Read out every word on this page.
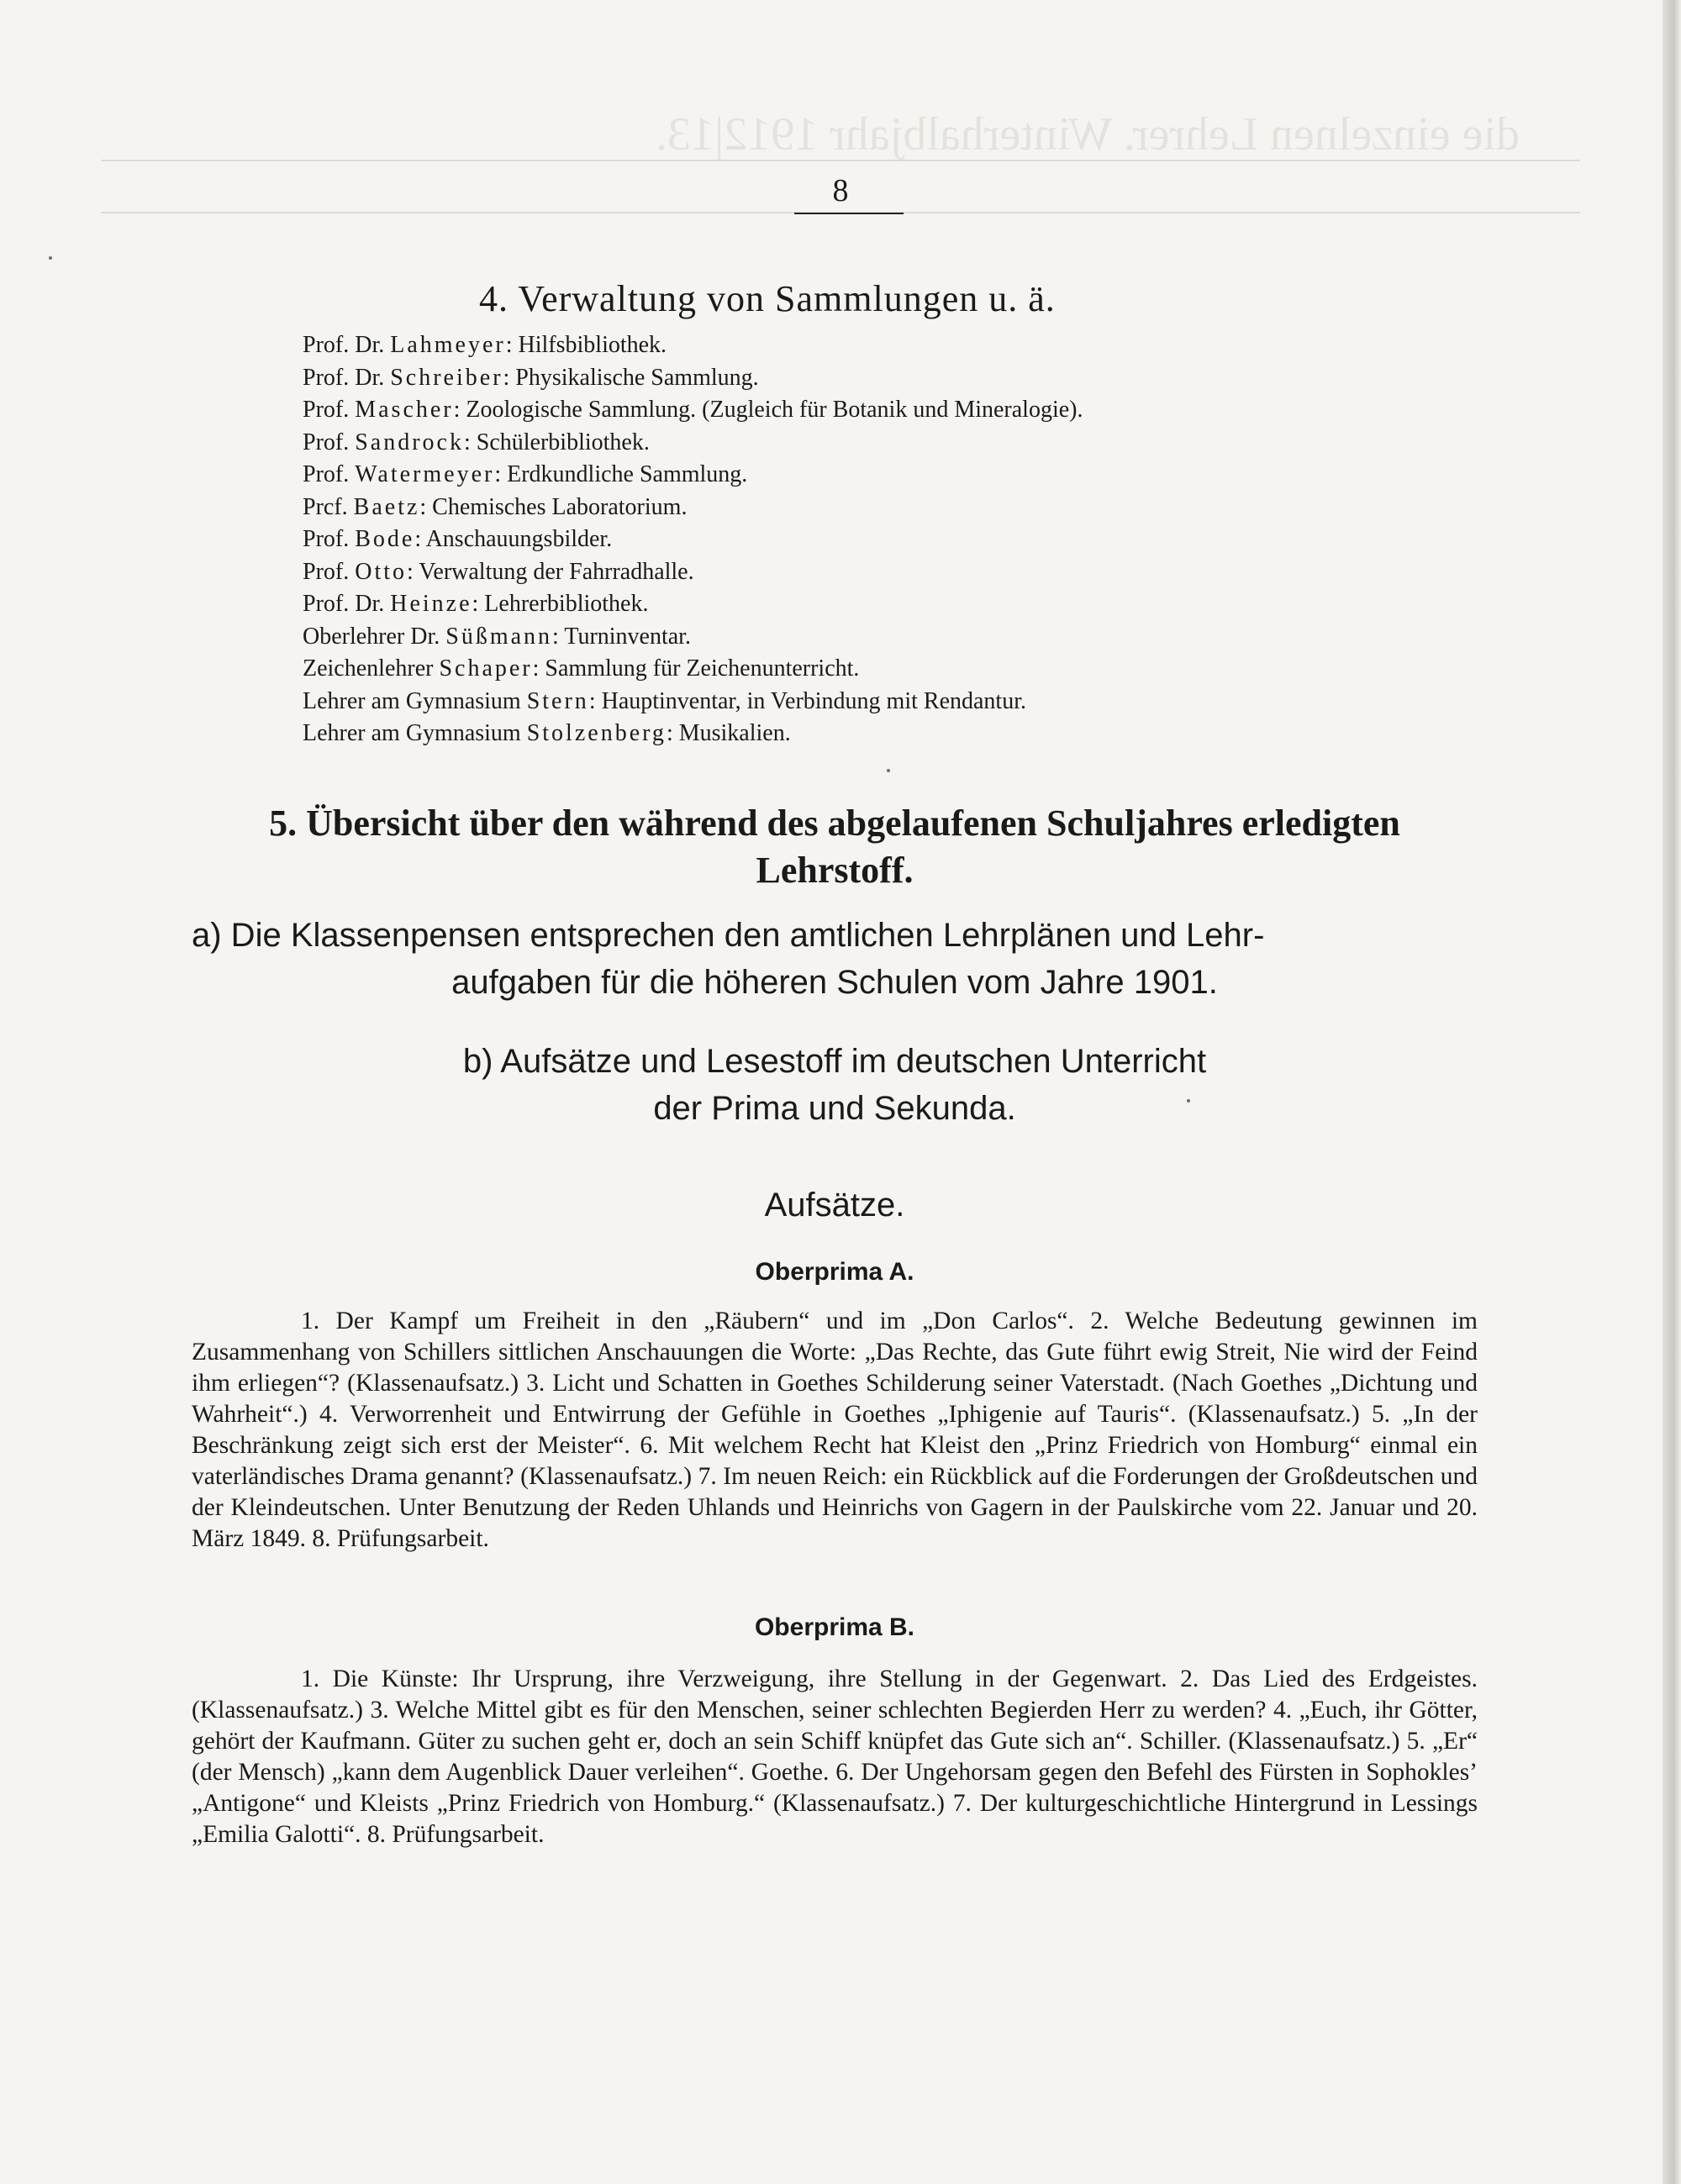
die einzelnen Lehrer. Winterhalbjahr 1912|13.
8
4. Verwaltung von Sammlungen u. ä.
Prof. Dr. Lahmeyer: Hilfsbibliothek.
Prof. Dr. Schreiber: Physikalische Sammlung.
Prof. Mascher: Zoologische Sammlung. (Zugleich für Botanik und Mineralogie).
Prof. Sandrock: Schülerbibliothek.
Prof. Watermeyer: Erdkundliche Sammlung.
Prcf. Baetz: Chemisches Laboratorium.
Prof. Bode: Anschauungsbilder.
Prof. Otto: Verwaltung der Fahrradhalle.
Prof. Dr. Heinze: Lehrerbibliothek.
Oberlehrer Dr. Süßmann: Turninventar.
Zeichenlehrer Schaper: Sammlung für Zeichenunterricht.
Lehrer am Gymnasium Stern: Hauptinventar, in Verbindung mit Rendantur.
Lehrer am Gymnasium Stolzenberg: Musikalien.
5. Übersicht über den während des abgelaufenen Schuljahres erledigten
Lehrstoff.
a) Die Klassenpensen entsprechen den amtlichen Lehrplänen und Lehr-
aufgaben für die höheren Schulen vom Jahre 1901.
b) Aufsätze und Lesestoff im deutschen Unterricht
der Prima und Sekunda.
Aufsätze.
Oberprima A.

1. Der Kampf um Freiheit in den „Räubern“ und im „Don Carlos“. 2. Welche Bedeutung gewinnen im Zusammenhang von Schillers sittlichen Anschauungen die Worte: „Das Rechte, das Gute führt ewig Streit, Nie wird der Feind ihm erliegen“? (Klassenaufsatz.) 3. Licht und Schatten in Goethes Schilderung seiner Vaterstadt. (Nach Goethes „Dichtung und Wahrheit“.) 4. Verworrenheit und Entwirrung der Gefühle in Goethes „Iphigenie auf Tauris“. (Klassenaufsatz.) 5. „In der Beschränkung zeigt sich erst der Meister“. 6. Mit welchem Recht hat Kleist den „Prinz Friedrich von Homburg“ einmal ein vaterländisches Drama genannt? (Klassenaufsatz.) 7. Im neuen Reich: ein Rückblick auf die Forderungen der Großdeutschen und der Kleindeutschen. Unter Benutzung der Reden Uhlands und Heinrichs von Gagern in der Paulskirche vom 22. Januar und 20. März 1849. 8. Prüfungsarbeit.

Oberprima B.

1. Die Künste: Ihr Ursprung, ihre Verzweigung, ihre Stellung in der Gegenwart. 2. Das Lied des Erdgeistes. (Klassenaufsatz.) 3. Welche Mittel gibt es für den Menschen, seiner schlechten Begierden Herr zu werden? 4. „Euch, ihr Götter, gehört der Kaufmann. Güter zu suchen geht er, doch an sein Schiff knüpfet das Gute sich an“. Schiller. (Klassenaufsatz.) 5. „Er“ (der Mensch) „kann dem Augenblick Dauer verleihen“. Goethe. 6. Der Ungehorsam gegen den Befehl des Fürsten in Sophokles’ „Antigone“ und Kleists „Prinz Friedrich von Homburg.“ (Klassenaufsatz.) 7. Der kulturgeschichtliche Hintergrund in Lessings „Emilia Galotti“. 8. Prüfungsarbeit.
